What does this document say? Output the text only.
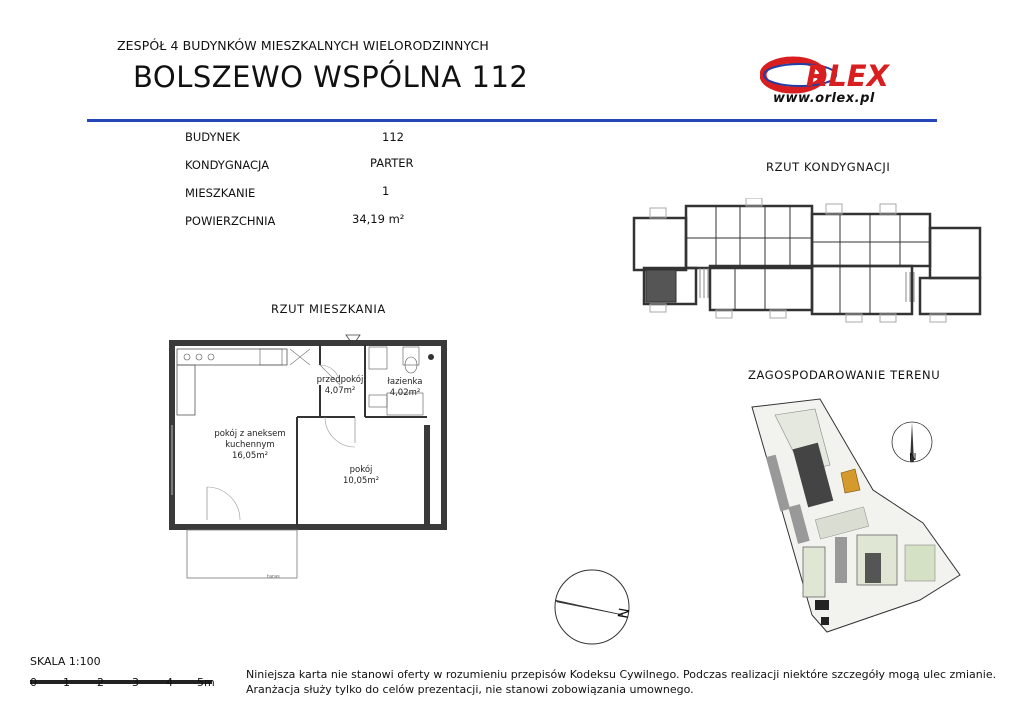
ZESPÓŁ 4 BUDYNKÓW MIESZKALNYCH WIELORODZINNYCH
BOLSZEWO WSPÓLNA 112	RLEX
www.orlex.pl
BUDYNEK	112
KONDYGNACJA	PARTER
MIESZKANIE	1
POWIERZCHNIA	34,19 m²
RZUT KONDYGNACJI
RZUT MIESZKANIA
ZAGOSPODAROWANIE TERENU
przedpokój
4,07m²
łazienka
4,02m²
pokój z aneksem
kuchennym
16,05m²
pokój
10,05m²
taras
N
N
SKALA 1:100
0 1 2	3 4 5m
Niniejsza karta nie stanowi oferty w rozumieniu przepisów Kodeksu Cywilnego. Podczas realizacji niektóre szczegóły mogą ulec zmianie.
Aranżacja służy tylko do celów prezentacji, nie stanowi zobowiązania umownego.
